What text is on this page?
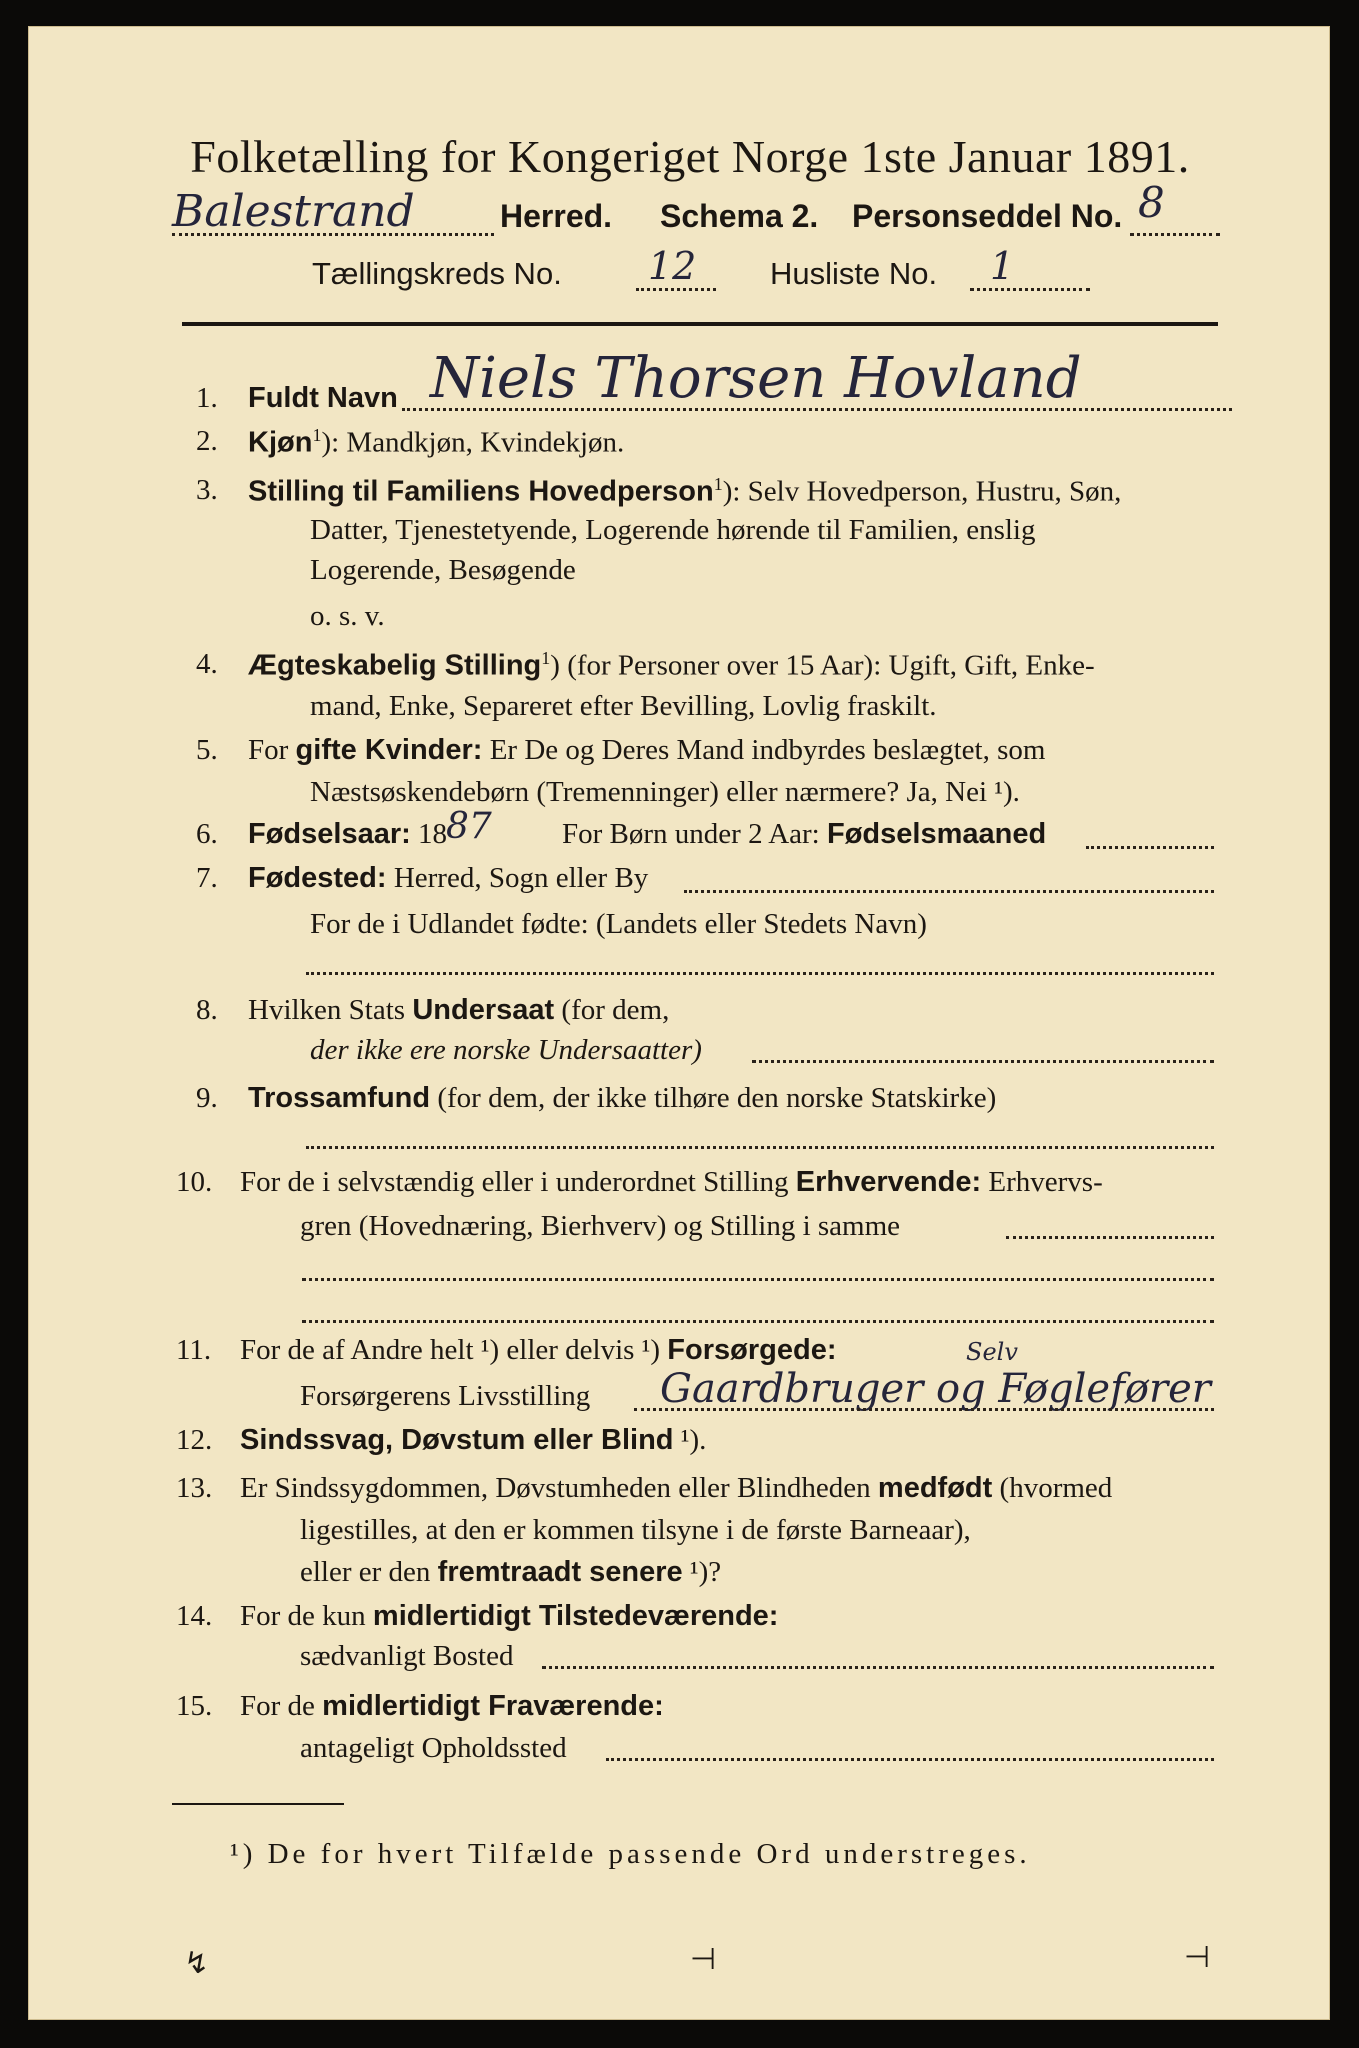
Folketælling for Kongeriget Norge 1ste Januar 1891.
Balestrand	Herred. Schema 2. Personseddel No. 8
Tællingskreds No. 12 Husliste No. 1
1. Fuldt Navn Niels Thorsen Hovland
2. Kjøn$^1$): Mandkjøn, Kvindekjøn.
3. Stilling til Familiens Hovedperson$^1$): Selv Hovedperson, Hustru, Søn,
Datter, Tjenestetyende, Logerende hørende til Familien, enslig
Logerende, Besøgende
o. s. v.
4. Ægteskabelig Stilling$^1$) (for Personer over 15 Aar): Ugift, Gift, Enke-
mand, Enke, Separeret efter Bevilling, Lovlig fraskilt.
5. For gifte Kvinder: Er De og Deres Mand indbyrdes beslægtet, som
Næstsøskendebørn (Tremenninger) eller nærmere? Ja, Nei ¹).
6. Fødselsaar: 18
87 For Børn under 2 Aar: Fødselsmaaned
7. Fødested: Herred, Sogn eller By
For de i Udlandet fødte: (Landets eller Stedets Navn)
8. Hvilken Stats Undersaat (for dem,
der ikke ere norske Undersaatter)
9. Trossamfund (for dem, der ikke tilhøre den norske Statskirke)
10. For de i selvstændig eller i underordnet Stilling Erhvervende: Erhvervs-
gren (Hovednæring, Bierhverv) og Stilling i samme
11. For de af Andre helt ¹) eller delvis ¹) Forsørgede:	Selv
Forsørgerens Livsstilling Gaardbruger og Føglefører
12. Sindssvag, Døvstum eller Blind ¹).
13. Er Sindssygdommen, Døvstumheden eller Blindheden medfødt (hvormed
ligestilles, at den er kommen tilsyne i de første Barneaar),
eller er den fremtraadt senere ¹)?
14. For de kun midlertidigt Tilstedeværende:
sædvanligt Bosted
15. For de midlertidigt Fraværende:
antageligt Opholdssted
¹) De for hvert Tilfælde passende Ord understreges.
↯	⊣	⊣
